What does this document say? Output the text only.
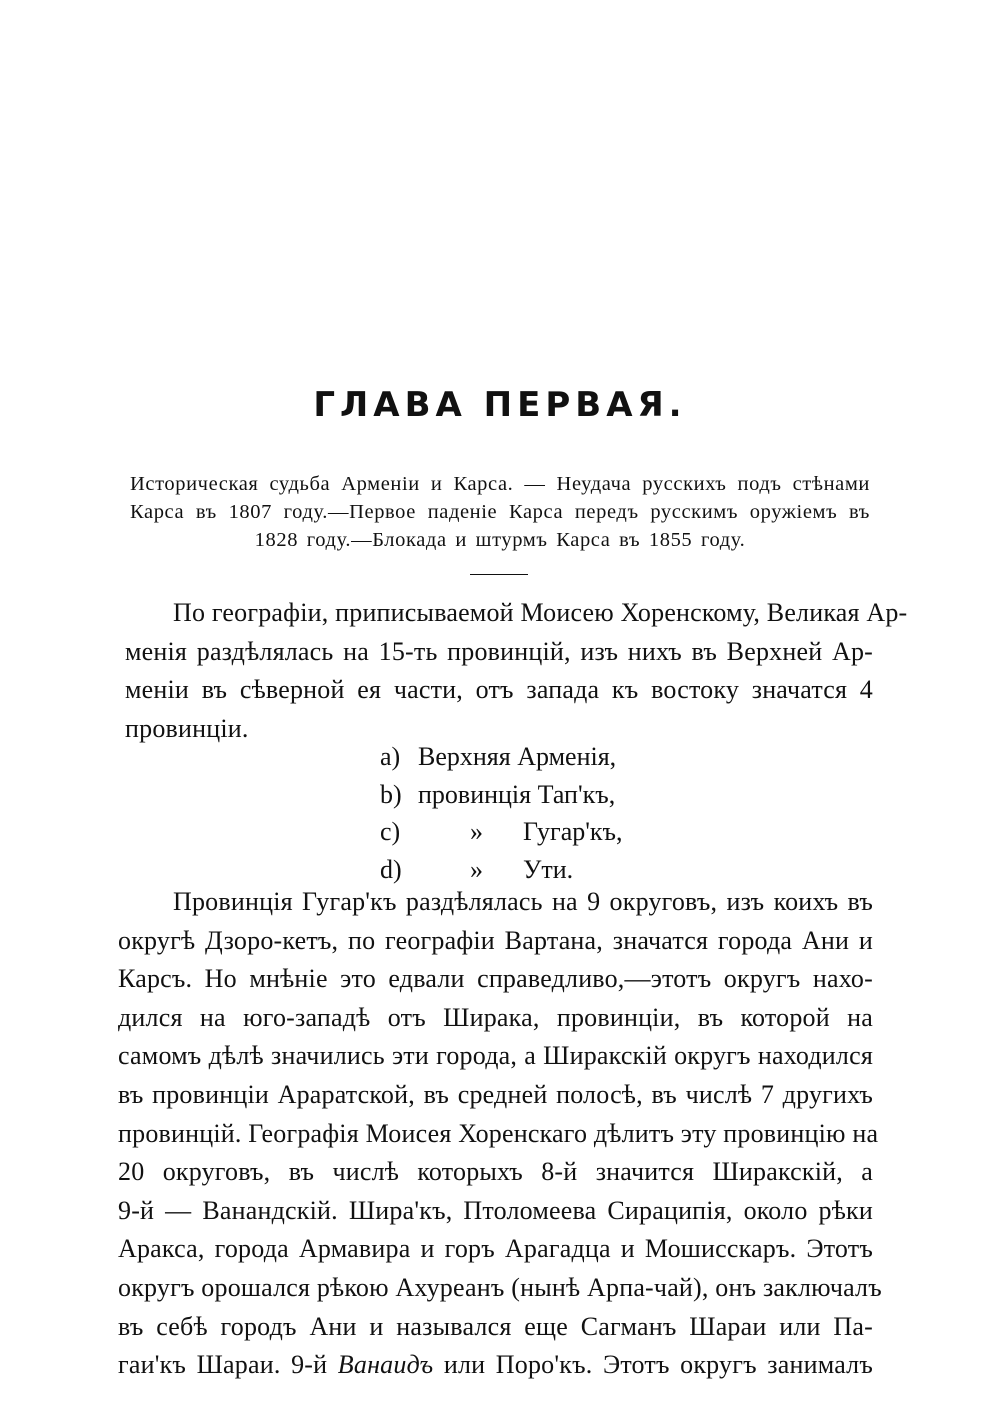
ГЛАВА ПЕРВАЯ.

Историческая судьба Арменіи и Карса. — Неудача русскихъ подъ стѣнами Карса въ 1807 году.—Первое паденіе Карса передъ русскимъ оружіемъ въ 1828 году.—Блокада и штурмъ Карса въ 1855 году.

По географіи, приписываемой Моисею Хоренскому, Великая Ар-
менія раздѣлялась на 15-ть провинцій, изъ нихъ въ Верхней Ар-
меніи въ сѣверной ея части, отъ запада къ востоку значатся 4
провинціи.
a) Верхняя Арменія,
b) провинція Тап'къ,
c)	» Гугар'къ,
d)	» Ути.
Провинція Гугар'къ раздѣлялась на 9 округовъ, изъ коихъ въ
округѣ Дзоро-кетъ, по географіи Вартана, значатся города Ани и
Карсъ. Но мнѣніе это едвали справедливо,—этотъ округъ нахо-
дился на юго-западѣ отъ Ширака, провинціи, въ которой на
самомъ дѣлѣ значились эти города, а Ширакскій округъ находился
въ провинціи Араратской, въ средней полосѣ, въ числѣ 7 другихъ
провинцій. Географія Моисея Хоренскаго дѣлитъ эту провинцію на
20 округовъ, въ числѣ которыхъ 8-й значится Ширакскій, а
9-й — Ванандскій. Шира'къ, Птоломеева Сираципія, около рѣки
Аракса, города Армавира и горъ Арагадца и Мошисскаръ. Этотъ
округъ орошался рѣкою Ахуреанъ (нынѣ Арпа-чай), онъ заключалъ
въ себѣ городъ Ани и назывался еще Сагманъ Шараи или Па-
гаи'къ Шараи. 9-й Ванаидъ или Поро'къ. Этотъ округъ занималъ
